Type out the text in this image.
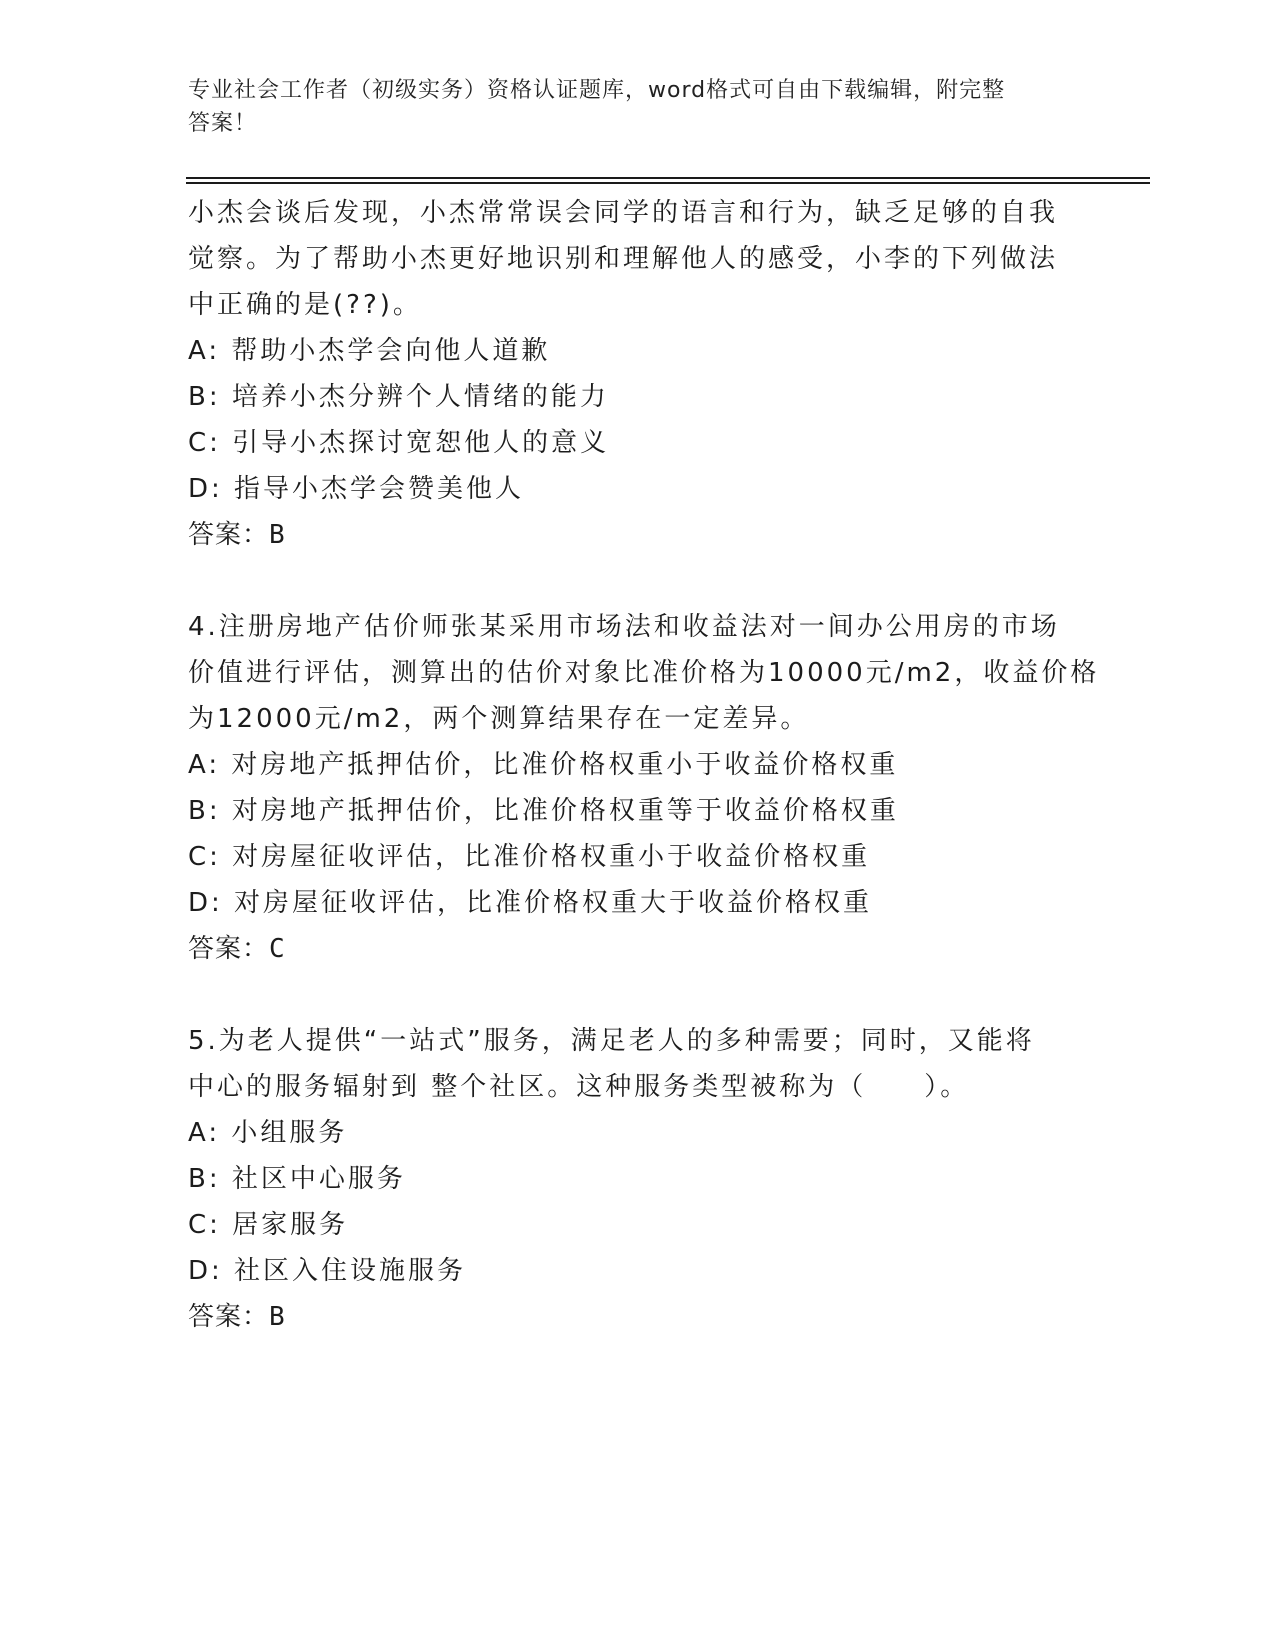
专业社会工作者（初级实务）资格认证题库，word格式可自由下载编辑，附完整
答案！
小杰会谈后发现，小杰常常误会同学的语言和行为，缺乏足够的自我
觉察。为了帮助小杰更好地识别和理解他人的感受，小李的下列做法
中正确的是(??)。
A: 帮助小杰学会向他人道歉
B: 培养小杰分辨个人情绪的能力
C: 引导小杰探讨宽恕他人的意义
D: 指导小杰学会赞美他人
答案：B
4.注册房地产估价师张某采用市场法和收益法对一间办公用房的市场
价值进行评估，测算出的估价对象比准价格为10000元/m2，收益价格
为12000元/m2，两个测算结果存在一定差异。
A: 对房地产抵押估价，比准价格权重小于收益价格权重
B: 对房地产抵押估价，比准价格权重等于收益价格权重
C: 对房屋征收评估，比准价格权重小于收益价格权重
D: 对房屋征收评估，比准价格权重大于收益价格权重
答案：C
5.为老人提供“一站式”服务，满足老人的多种需要；同时，又能将
中心的服务辐射到 整个社区。这种服务类型被称为（　　）。
A: 小组服务
B: 社区中心服务
C: 居家服务
D: 社区入住设施服务
答案：B
